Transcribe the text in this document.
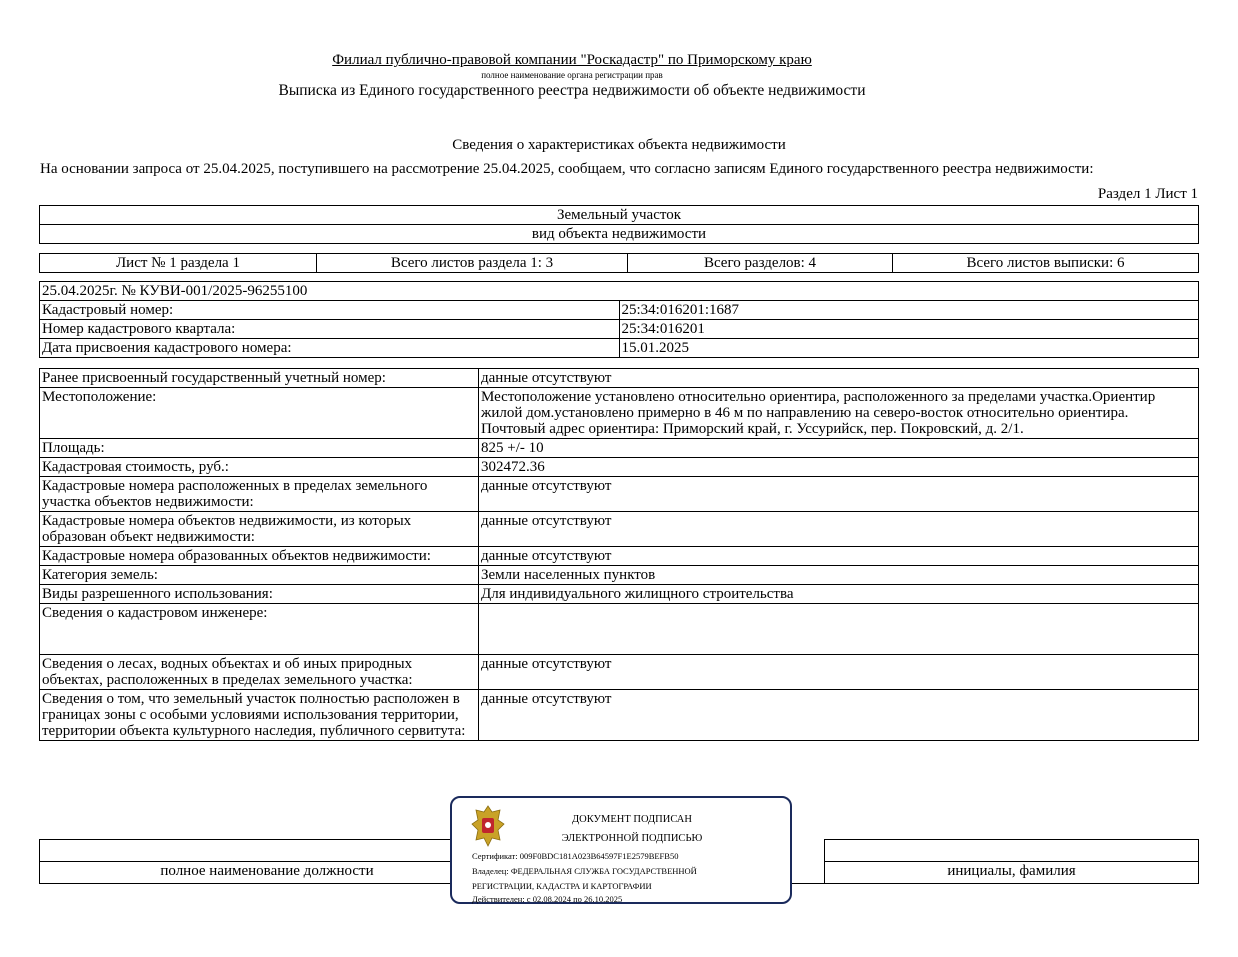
Филиал публично-правовой компании "Роскадастр" по Приморскому краю
полное наименование органа регистрации прав
Выписка из Единого государственного реестра недвижимости об объекте недвижимости
Сведения о характеристиках объекта недвижимости
На основании запроса от 25.04.2025, поступившего на рассмотрение 25.04.2025, сообщаем, что согласно записям Единого государственного реестра недвижимости:
Раздел 1 Лист 1
Земельный участок
вид объекта недвижимости
Лист № 1 раздела 1	Всего листов раздела 1: 3	Всего разделов: 4	Всего листов выписки: 6
25.04.2025г. № КУВИ-001/2025-96255100	
Кадастровый номер:	25:34:016201:1687
Номер кадастрового квартала:	25:34:016201
Дата присвоения кадастрового номера:	15.01.2025
Ранее присвоенный государственный учетный номер:	данные отсутствуют
Местоположение:	Местоположение установлено относительно ориентира, расположенного за пределами участка.Ориентир жилой дом.установлено примерно в 46 м по направлению на северо-восток относительно ориентира. Почтовый адрес ориентира: Приморский край, г. Уссурийск, пер. Покровский, д. 2/1.
Площадь:	825 +/- 10
Кадастровая стоимость, руб.:	302472.36
Кадастровые номера расположенных в пределах земельного участка объектов недвижимости:	данные отсутствуют
Кадастровые номера объектов недвижимости, из которых образован объект недвижимости:	данные отсутствуют
Кадастровые номера образованных объектов недвижимости:	данные отсутствуют
Категория земель:	Земли населенных пунктов
Виды разрешенного использования:	Для индивидуального жилищного строительства
Сведения о кадастровом инженере:	
Сведения о лесах, водных объектах и об иных природных объектах, расположенных в пределах земельного участка:	данные отсутствуют
Сведения о том, что земельный участок полностью расположен в границах зоны с особыми условиями использования территории, территории объекта культурного наследия, публичного сервитута:	данные отсутствуют

полное наименование должности		инициалы, фамилия
ДОКУМЕНТ ПОДПИСАН
ЭЛЕКТРОННОЙ ПОДПИСЬЮ
Сертификат: 009F0BDC181A023B64597F1E2579BEFB50
Владелец: ФЕДЕРАЛЬНАЯ СЛУЖБА ГОСУДАРСТВЕННОЙ
РЕГИСТРАЦИИ, КАДАСТРА И КАРТОГРАФИИ
Действителен: с 02.08.2024 по 26.10.2025
